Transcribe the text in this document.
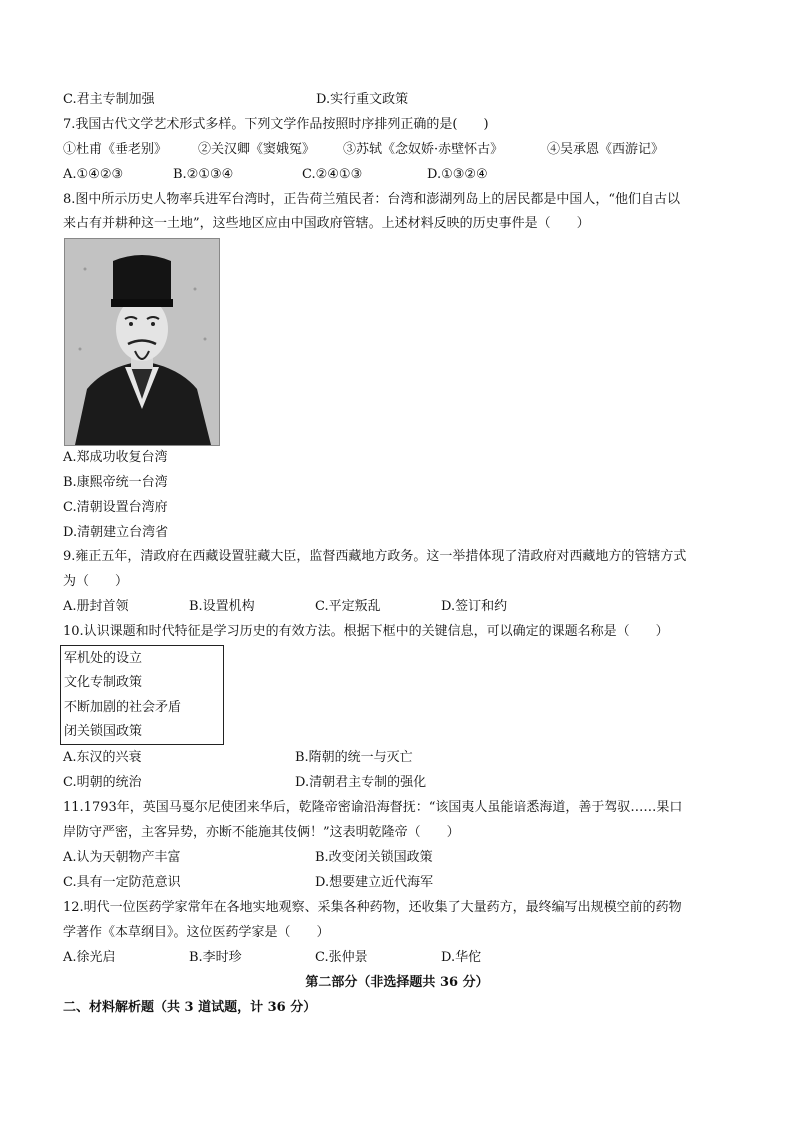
C.君主专制加强	D.实行重文政策
7.我国古代文学艺术形式多样。下列文学作品按照时序排列正确的是(　　)
①杜甫《垂老别》 ②关汉卿《窦娥冤》 ③苏轼《念奴娇·赤壁怀古》	④吴承恩《西游记》
A.①④②③	B.②①③④	C.②④①③	D.①③②④
8.图中所示历史人物率兵进军台湾时，正告荷兰殖民者：台湾和澎湖列岛上的居民都是中国人，“他们自古以
来占有并耕种这一土地”，这些地区应由中国政府管辖。上述材料反映的历史事件是（　　）
A.郑成功收复台湾
B.康熙帝统一台湾
C.清朝设置台湾府
D.清朝建立台湾省
9.雍正五年，清政府在西藏设置驻藏大臣，监督西藏地方政务。这一举措体现了清政府对西藏地方的管辖方式
为（　　）
A.册封首领	B.设置机构	C.平定叛乱	D.签订和约
10.认识课题和时代特征是学习历史的有效方法。根据下框中的关键信息，可以确定的课题名称是（　　）
军机处的设立
文化专制政策
不断加剧的社会矛盾
闭关锁国政策
A.东汉的兴衰	B.隋朝的统一与灭亡
C.明朝的统治	D.清朝君主专制的强化
11.1793年，英国马戛尔尼使团来华后，乾隆帝密谕沿海督抚：“该国夷人虽能谙悉海道，善于驾驭……果口
岸防守严密，主客异势，亦断不能施其伎俩！”这表明乾隆帝（　　）
A.认为天朝物产丰富	B.改变闭关锁国政策
C.具有一定防范意识	D.想要建立近代海军
12.明代一位医药学家常年在各地实地观察、采集各种药物，还收集了大量药方，最终编写出规模空前的药物
学著作《本草纲目》。这位医药学家是（　　）
A.徐光启	B.李时珍	C.张仲景	D.华佗
第二部分（非选择题共 36 分）
二、材料解析题（共 3 道试题，计 36 分）
